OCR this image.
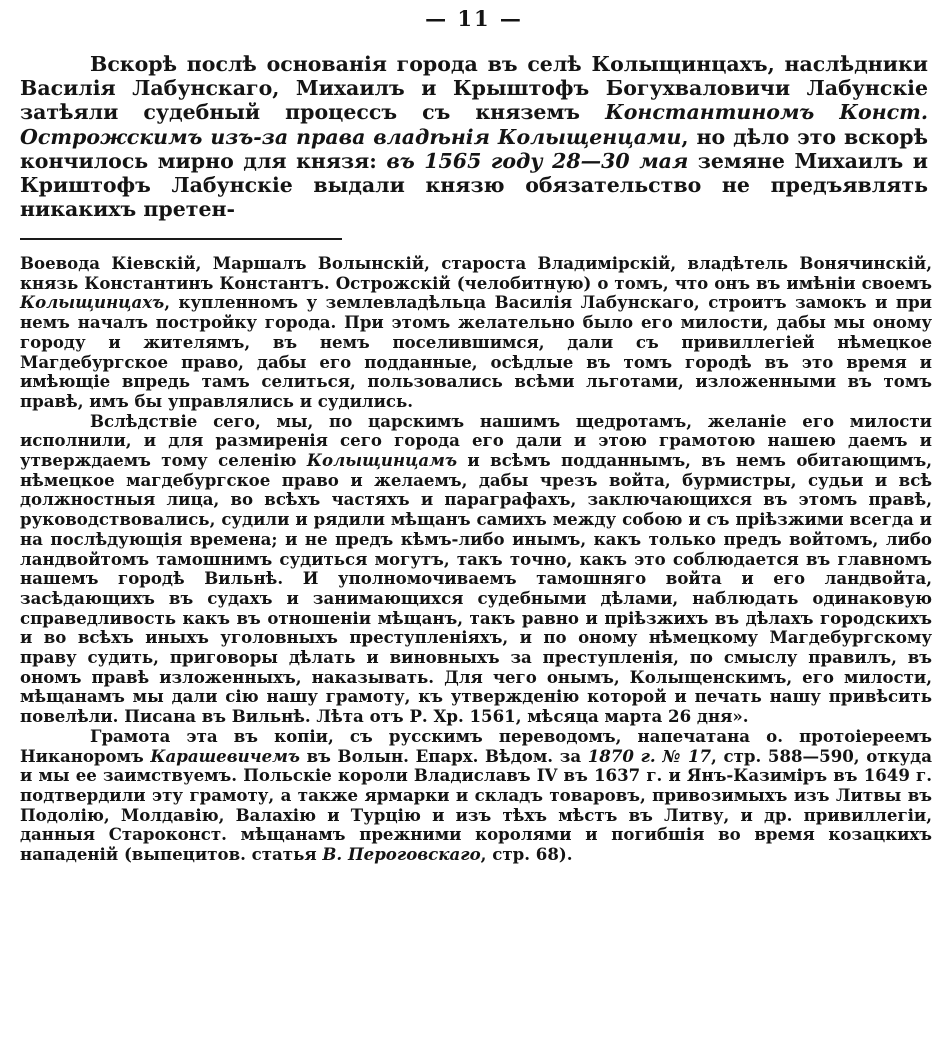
— 11 —

Вскорѣ послѣ основанія города въ селѣ Колыщинцахъ, наслѣдники Василія Лабунскаго, Михаилъ и Крыштофъ Богухваловичи Лабунскіе затѣяли судебный процессъ съ княземъ Константиномъ Конст. Острожскимъ изъ-за права владѣнія Колыщенцами, но дѣло это вскорѣ кончилось мирно для князя: въ 1565 году 28—30 мая земяне Михаилъ и Криштофъ Лабунскіе выдали князю обязательство не предъявлять никакихъ претен-

Воевода Кіевскій, Маршалъ Волынскій, староста Владимірскій, владѣтель Вонячинскій, князь Константинъ Константъ. Острожскій (челобитную) о томъ, что онъ въ имѣніи своемъ Колыщинцахъ, купленномъ у землевладѣльца Василія Лабунскаго, строитъ замокъ и при немъ началъ постройку города. При этомъ желательно было его милости, дабы мы оному городу и жителямъ, въ немъ поселившимся, дали съ привиллегіей нѣмецкое Магдебургское право, дабы его подданные, осѣдлые въ томъ городѣ въ это время и имѣющіе впредь тамъ селиться, пользовались всѣми льготами, изложенными въ томъ правѣ, имъ бы управлялись и судились.

Вслѣдствіе сего, мы, по царскимъ нашимъ щедротамъ, желаніе его милости исполнили, и для размиренія сего города его дали и этою грамотою нашею даемъ и утверждаемъ тому селенію Колыщинцамъ и всѣмъ подданнымъ, въ немъ обитающимъ, нѣмецкое магдебургское право и желаемъ, дабы чрезъ войта, бурмистры, судьи и всѣ должностныя лица, во всѣхъ частяхъ и параграфахъ, заключающихся въ этомъ правѣ, руководствовались, судили и рядили мѣщанъ самихъ между собою и съ пріѣзжими всегда и на послѣдующія времена; и не предъ кѣмъ-либо инымъ, какъ только предъ войтомъ, либо ландвойтомъ тамошнимъ судиться могутъ, такъ точно, какъ это соблюдается въ главномъ нашемъ городѣ Вильнѣ. И уполномочиваемъ тамошняго войта и его ландвойта, засѣдающихъ въ судахъ и занимающихся судебными дѣлами, наблюдать одинаковую справедливость какъ въ отношеніи мѣщанъ, такъ равно и пріѣзжихъ въ дѣлахъ городскихъ и во всѣхъ иныхъ уголовныхъ преступленіяхъ, и по оному нѣмецкому Магдебургскому праву судить, приговоры дѣлать и виновныхъ за преступленія, по смыслу правилъ, въ ономъ правѣ изложенныхъ, наказывать. Для чего онымъ, Колыщенскимъ, его милости, мѣщанамъ мы дали сію нашу грамоту, къ утвержденію которой и печать нашу привѣсить повелѣли. Писана въ Вильнѣ. Лѣта отъ Р. Хр. 1561, мѣсяца марта 26 дня».

Грамота эта въ копіи, съ русскимъ переводомъ, напечатана о. протоіереемъ Никаноромъ Карашевичемъ въ Волын. Епарх. Вѣдом. за 1870 г. № 17, стр. 588—590, откуда и мы ее заимствуемъ. Польскіе короли Владиславъ IV въ 1637 г. и Янъ-Казиміръ въ 1649 г. подтвердили эту грамоту, а также ярмарки и складъ товаровъ, привозимыхъ изъ Литвы въ Подолію, Молдавію, Валахію и Турцію и изъ тѣхъ мѣстъ въ Литву, и др. привиллегіи, данныя Староконст. мѣщанамъ прежними королями и погибшія во время козацкихъ нападеній (выпецитов. статья В. Пероговскаго, стр. 68).
